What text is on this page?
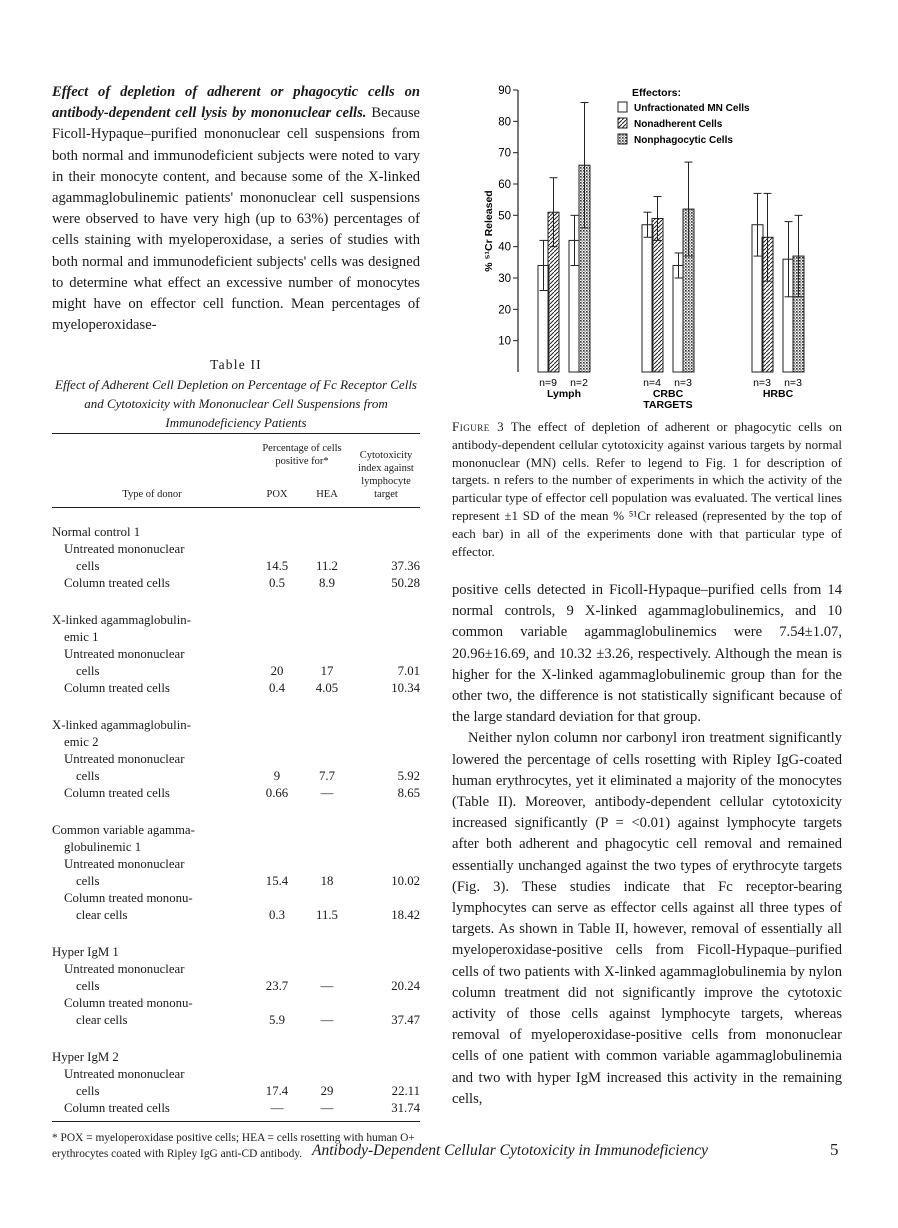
Effect of depletion of adherent or phagocytic cells on antibody-dependent cell lysis by mononuclear cells. Because Ficoll-Hypaque–purified mononuclear cell suspensions from both normal and immunodeficient subjects were noted to vary in their monocyte content, and because some of the X-linked agammaglobulinemic patients' mononuclear cell suspensions were observed to have very high (up to 63%) percentages of cells staining with myeloperoxidase, a series of studies with both normal and immunodeficient subjects' cells was designed to determine what effect an excessive number of monocytes might have on effector cell function. Mean percentages of myeloperoxidase-

Table II

Effect of Adherent Cell Depletion on Percentage of Fc Receptor Cells and Cytotoxicity with Mononuclear Cell Suspensions from Immunodeficiency Patients

Type of donor	Percentage of cells positive for*		Cytotoxicity index against lymphocyte target
	POX	HEA	
Normal control 1			
Untreated mononuclear			
cells	14.5	11.2	37.36
Column treated cells	0.5	8.9	50.28
X-linked agammaglobulin-			
emic 1			
Untreated mononuclear			
cells	20	17	7.01
Column treated cells	0.4	4.05	10.34
X-linked agammaglobulin-			
emic 2			
Untreated mononuclear			
cells	9	7.7	5.92
Column treated cells	0.66	—	8.65
Common variable agamma-			
globulinemic 1			
Untreated mononuclear			
cells	15.4	18	10.02
Column treated mononu-			
clear cells	0.3	11.5	18.42
Hyper IgM 1			
Untreated mononuclear			
cells	23.7	—	20.24
Column treated mononu-			
clear cells	5.9	—	37.47
Hyper IgM 2			
Untreated mononuclear			
cells	17.4	29	22.11
Column treated cells	—	—	31.74

* POX = myeloperoxidase positive cells; HEA = cells rosetting with human O+ erythrocytes coated with Ripley IgG anti-CD antibody.

10
20
30
40
50
60
70
80
90
% ⁵¹Cr Released
n=9 n=2
Lymph
n=4 n=3
CRBC
n=3 n=3
HRBC
TARGETS
Effectors:
Unfractionated MN Cells
Nonadherent Cells
Nonphagocytic Cells

Figure 3 The effect of depletion of adherent or phagocytic cells on antibody-dependent cellular cytotoxicity against various targets by normal mononuclear (MN) cells. Refer to legend to Fig. 1 for description of targets. n refers to the number of experiments in which the activity of the particular type of effector cell population was evaluated. The vertical lines represent ±1 SD of the mean % ⁵¹Cr released (represented by the top of each bar) in all of the experiments done with that particular type of effector.

positive cells detected in Ficoll-Hypaque–purified cells from 14 normal controls, 9 X-linked agammaglobulinemics, and 10 common variable agammaglobulinemics were 7.54±1.07, 20.96±16.69, and 10.32 ±3.26, respectively. Although the mean is higher for the X-linked agammaglobulinemic group than for the other two, the difference is not statistically significant because of the large standard deviation for that group.

Neither nylon column nor carbonyl iron treatment significantly lowered the percentage of cells rosetting with Ripley IgG-coated human erythrocytes, yet it eliminated a majority of the monocytes (Table II). Moreover, antibody-dependent cellular cytotoxicity increased significantly (P = <0.01) against lymphocyte targets after both adherent and phagocytic cell removal and remained essentially unchanged against the two types of erythrocyte targets (Fig. 3). These studies indicate that Fc receptor-bearing lymphocytes can serve as effector cells against all three types of targets. As shown in Table II, however, removal of essentially all myeloperoxidase-positive cells from Ficoll-Hypaque–purified cells of two patients with X-linked agammaglobulinemia by nylon column treatment did not significantly improve the cytotoxic activity of those cells against lymphocyte targets, whereas removal of myeloperoxidase-positive cells from mononuclear cells of one patient with common variable agammaglobulinemia and two with hyper IgM increased this activity in the remaining cells,

Antibody-Dependent Cellular Cytotoxicity in Immunodeficiency	5
